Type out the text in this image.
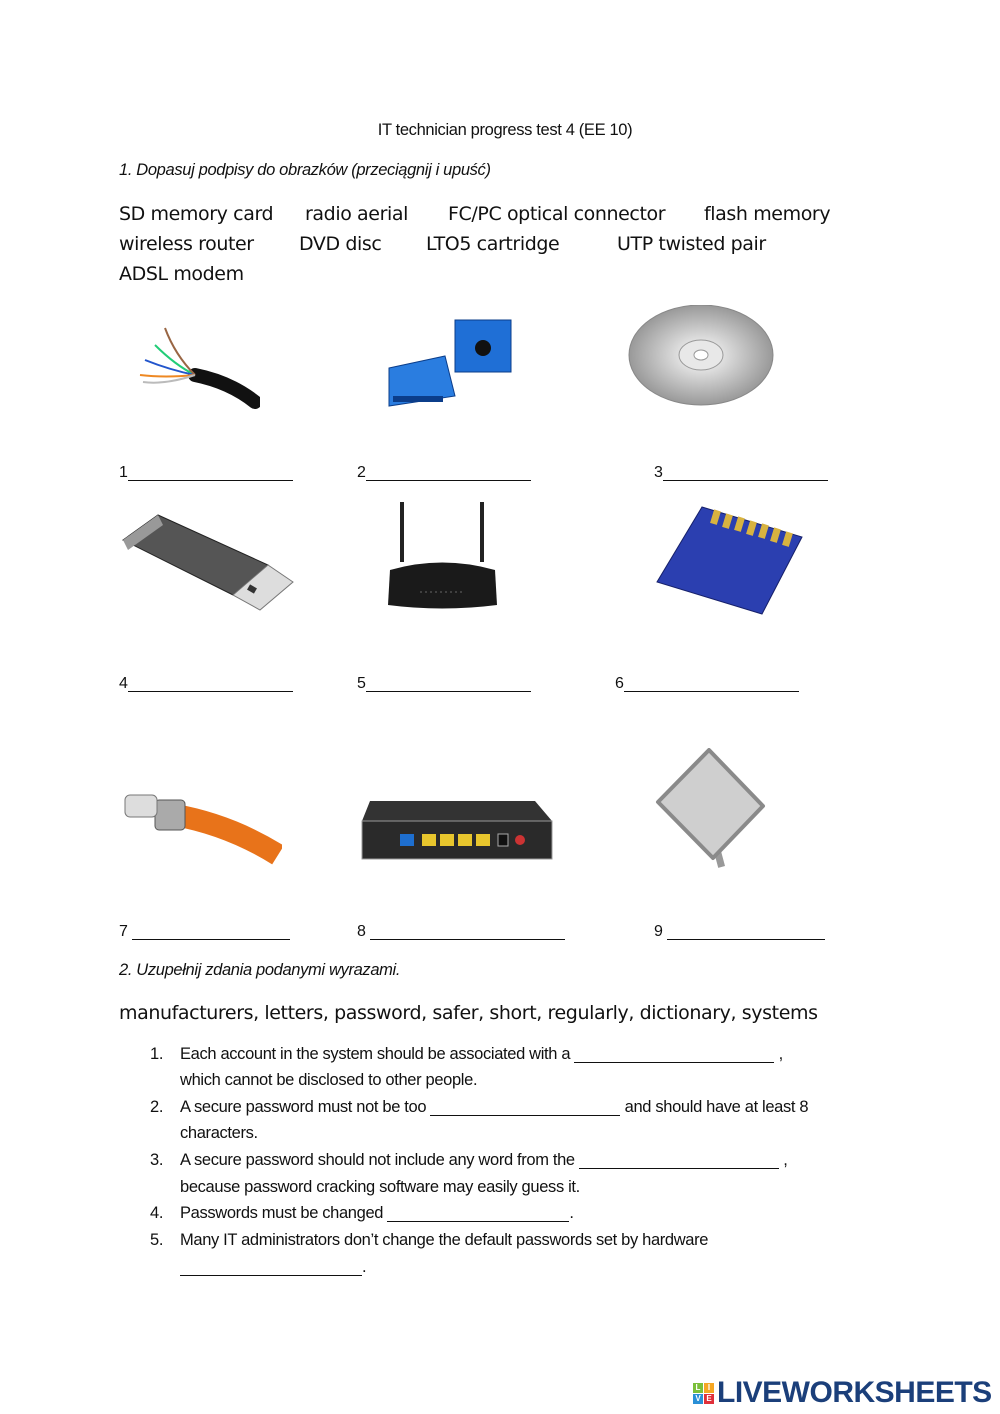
IT technician progress test 4 (EE 10)
1. Dopasuj podpisy do obrazków (przeciągnij i upuść)
SD memory card radio aerial FC/PC optical connector flash memory
wireless router DVD disc LTO5 cartridge	UTP twisted pair
ADSL modem
1	2	3
4	5	6
7	8	9
2. Uzupełnij zdania podanymi wyrazami.
manufacturers, letters, password, safer, short, regularly, dictionary, systems
1. Each account in the system should be associated with a	,
which cannot be disclosed to other people.
2. A secure password must not be too	and should have at least 8
characters.
3. A secure password should not include any word from the	,
because password cracking software may easily guess it.
4. Passwords must be changed	.
5. Many IT administrators don’t change the default passwords set by hardware
.
L I
V E LIVEWORKSHEETS
